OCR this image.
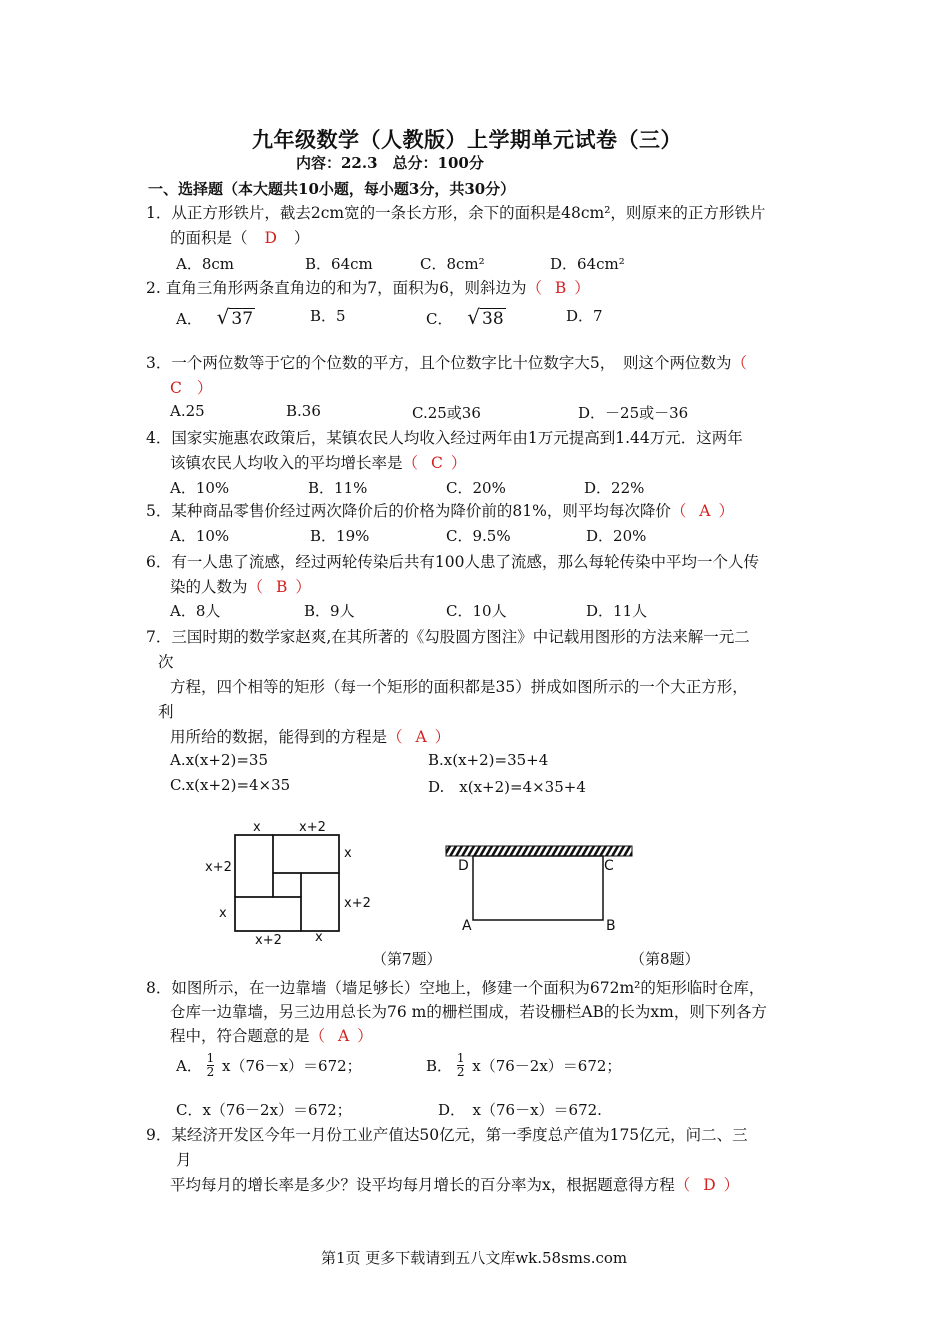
九年级数学（人教版）上学期单元试卷（三）
内容：22.3　总分：100分
一、选择题（本大题共10小题，每小题3分，共30分）
1．从正方形铁片，截去2cm宽的一条长方形，余下的面积是48cm²，则原来的正方形铁片
的面积是（ D ）
A．8cm	B．64cm	C．8cm²	D．64cm²
2. 直角三角形两条直角边的和为7，面积为6，则斜边为（ B ）
A． √ 37	B．5	C． √ 38	D．7
3．一个两位数等于它的个位数的平方，且个位数字比十位数字大5，　则这个两位数为（
C ）
A.25	B.36	C.25或36	D．－25或－36
4．国家实施惠农政策后，某镇农民人均收入经过两年由1万元提高到1.44万元．这两年
该镇农民人均收入的平均增长率是（ C ）
A．10%	B．11%	C．20%	D．22%
5．某种商品零售价经过两次降价后的价格为降价前的81%，则平均每次降价（ A ）
A．10%	B．19%	C．9.5%	D．20%
6．有一人患了流感，经过两轮传染后共有100人患了流感，那么每轮传染中平均一个人传
染的人数为（ B ）
A．8人	B．9人	C．10人	D．11人
7．三国时期的数学家赵爽,在其所著的《勾股圆方图注》中记载用图形的方法来解一元二
次
方程，四个相等的矩形（每一个矩形的面积都是35）拼成如图所示的一个大正方形，
利
用所给的数据，能得到的方程是（ A ）
A.x(x+2)=35	B.x(x+2)=35+4
C.x(x+2)=4×35	D.　x(x+2)=4×35+4
x	x+2
x
x+2
x
x+2
x+2	x
（第7题）
D	C
A	B
（第8题）
8．如图所示，在一边靠墙（墙足够长）空地上，修建一个面积为672m²的矩形临时仓库，
仓库一边靠墙，另三边用总长为76 m的栅栏围成，若设栅栏AB的长为xm，则下列各方
程中，符合题意的是（ A ）
A． $\frac{1}{2} x(76-x)=672$；	B． $\frac{1}{2} x(76-2x)=672$；
C．x（76－2x）＝672；	D．　x（76－x）＝672.
9．某经济开发区今年一月份工业产值达50亿元，第一季度总产值为175亿元，问二、三
月
平均每月的增长率是多少？设平均每月增长的百分率为x，根据题意得方程（ D ）
第1页 更多下载请到五八文库wk.58sms.com
